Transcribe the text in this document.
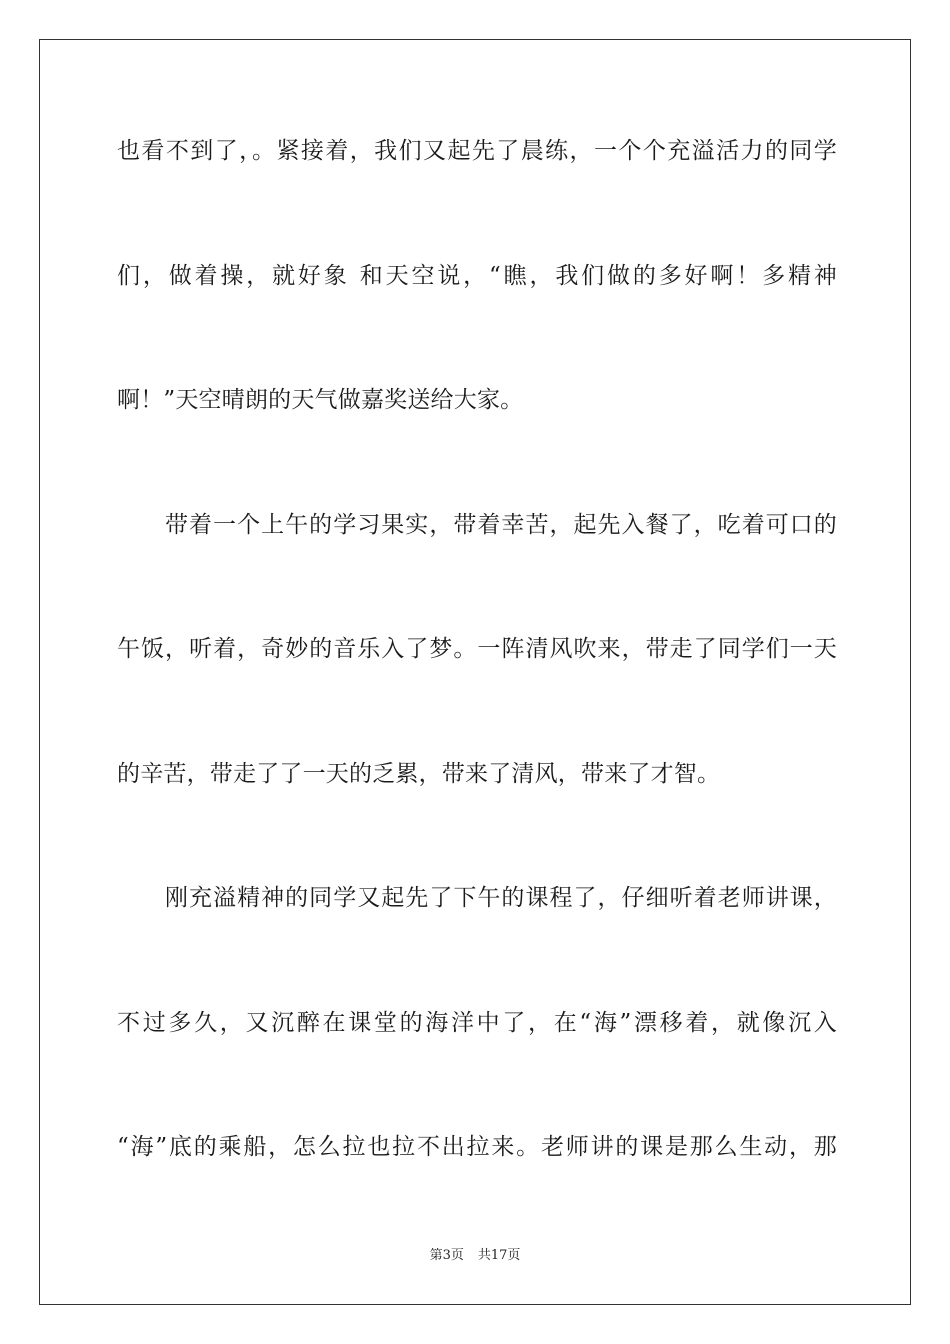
也看不到了，。紧接着，我们又起先了晨练，一个个充溢活力的同学
们，做着操，就好象 和天空说，“瞧，我们做的多好啊！多精神
啊！”天空晴朗的天气做嘉奖送给大家。
带着一个上午的学习果实，带着幸苦，起先入餐了，吃着可口的
午饭，听着，奇妙的音乐入了梦。一阵清风吹来，带走了同学们一天
的辛苦，带走了了一天的乏累，带来了清风，带来了才智。
刚充溢精神的同学又起先了下午的课程了，仔细听着老师讲课，
不过多久，又沉醉在课堂的海洋中了，在“海”漂移着，就像沉入
“海”底的乘船，怎么拉也拉不出拉来。老师讲的课是那么生动，那
第3页 共17页
